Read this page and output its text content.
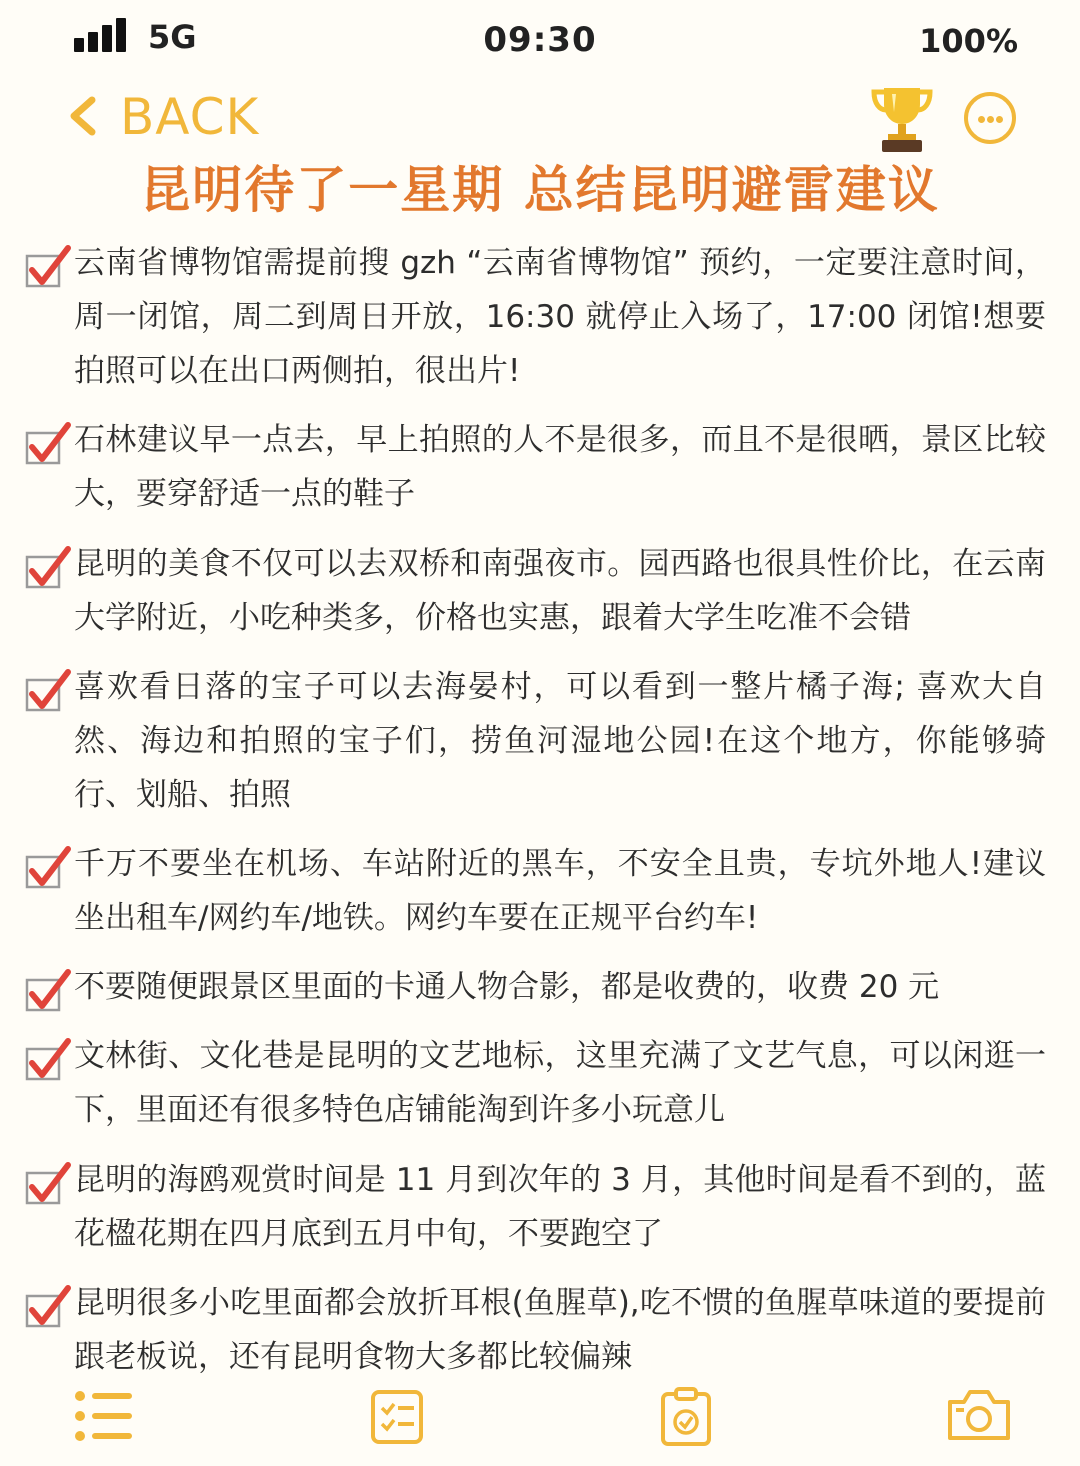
5G	09:30	100%
BACK
昆明待了一星期 总结昆明避雷建议
云南省博物馆需提前搜 gzh “云南省博物馆” 预约，一定要注意时间，周一闭馆，周二到周日开放，16:30 就停止入场了，17:00 闭馆!想要拍照可以在出口两侧拍，很出片!
石林建议早一点去，早上拍照的人不是很多，而且不是很晒，景区比较大，要穿舒适一点的鞋子
昆明的美食不仅可以去双桥和南强夜市。园西路也很具性价比，在云南大学附近，小吃种类多，价格也实惠，跟着大学生吃准不会错
喜欢看日落的宝子可以去海晏村，可以看到一整片橘子海; 喜欢大自然、海边和拍照的宝子们，捞鱼河湿地公园!在这个地方，你能够骑行、划船、拍照
千万不要坐在机场、车站附近的黑车，不安全且贵，专坑外地人!建议坐出租车/网约车/地铁。网约车要在正规平台约车!
不要随便跟景区里面的卡通人物合影，都是收费的，收费 20 元
文林街、文化巷是昆明的文艺地标，这里充满了文艺气息，可以闲逛一下，里面还有很多特色店铺能淘到许多小玩意儿
昆明的海鸥观赏时间是 11 月到次年的 3 月，其他时间是看不到的，蓝花楹花期在四月底到五月中旬，不要跑空了
昆明很多小吃里面都会放折耳根(鱼腥草),吃不惯的鱼腥草味道的要提前跟老板说，还有昆明食物大多都比较偏辣
